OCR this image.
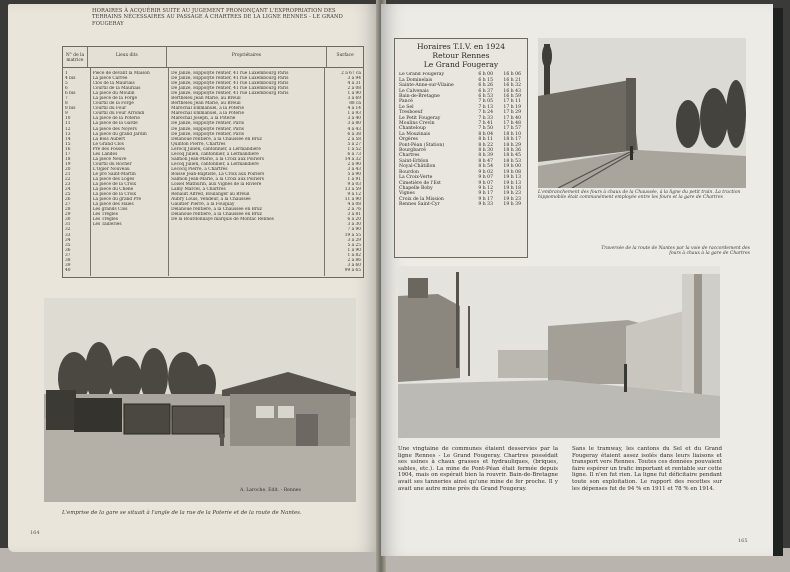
HORAIRES À ACQUÉRIR SUITE AU JUGEMENT PRONONÇANT L'EXPROPRIATION DES TERRAINS NÉCESSAIRES AU PASSAGE À CHARTRES DE LA LIGNE RENNES - LE GRAND FOUGERAY
N° de la matrice
Lieux dits	Propriétaires	Surface
1
4 bis
5
6
6 bis
7
8
8 bis
9
10
11
12
13
14
15
16
17
18
19
20
21
22
23
24
25
26
27
28
29
30
31
32
33
34
35
36
37
38
39
40
Pièce de devant la Maison
La pièce Carrée
Clos de la Mauriais
Courtil de la Mauriais
La pièce du Moulin
La pièce de la Forge
Courtil de la Forge
Courtil du Four
Courtil du Four Arrondi
La pièce de la Poterie
La pièce de la Garde
La pièce des Noyers
La pièce du grand Jardin
La Bois Aubert
Le Grand Clos
Pré des Fosses
Les Landes
La pièce Neuve
Courtil du Rocher
L'Ogier Nouveau
Le pré Saint-Martin
La pièce des Loges
La pièce de la Croix
La pièce du Chêne
La pièce de la Croix
La pièce du grand Pré
La pièce des Haies
Les grands Clos
Les Tréglés
Les Tréglés
Les Tailleries
De Janzé, Hippolyte rentier, 41 rue Luxembourg Paris
De Janzé, Hippolyte rentier, 41 rue Luxembourg Paris
De Janzé, Hippolyte rentier, 41 rue Luxembourg Paris
De Janzé, Hippolyte rentier, 41 rue Luxembourg Paris
De Janzé, Hippolyte rentier, 41 rue Luxembourg Paris
Bertheleu Jean Marie, au Breuil
Bertheleu Jean Marie, au Breuil
Maréchal Emmanuel, à la Poterie
Maréchal Emmanuel, à la Poterie
Maréchal Joseph, à la Poterie
De Janzé, Hippolyte rentier, Paris
De Janzé, Hippolyte rentier, Paris
De Janzé, Hippolyte rentier, Paris
Delanoue rentière, à la Chaussée en Bruz
Quinton Pierre, Chartres
Lerocq Julien, cantonnier, à Lermandière
Lecoq Julien, cantonnier, à Lermandière
Salmon Jean-Marie, à la Croix aux Poiriers
Lecoq Julien, cantonnier, à Lermandière
Lecocq Pierre, à Chartres
Boisse Jean-Baptiste, La Croix aux Poiriers
Salmon Jean-Marie, à la Croix aux Poiriers
Loisel Mathurin, aux Vignes de la Rivière
Lamy Marcel, à Chartres
Renault Alfred, Boulanger au Breuil
Aubry Louis, Vendeur, à la Chaussée
Gaultier Pierre, à la Fouquay
Delanoue rentière, à la Chaussée en Bruz
Delanoue rentière, à la Chaussée en Bruz
De la Bourdonnaye marquis de Montac Rennes
2 a 67 ca
3 a 94
4 a 31
2 a 08
1 a 90
3 a 69
88 ca
4 a 14
1 a 93
3 a 40
3 a 80
4 a 43
6 a 38
2 a 58
5 a 27
1 a 52
6 a 73
14 a 32
2 a 90
3 a 43
5 a 90
1 a 91
9 a 03
13 a 59
9 a 12
11 a 90
4 a 08
2 a 76
3 a 81
6 a 20
3 a 30
7 a 90
19 a 55
3 a 29
5 a 25
1 a 90
1 a 82
2 a 86
3 a 60
99 a 65
L'emprise de la gare se situait à l'angle de la rue de la Poterie et de la route de Nantes.
A. Laroche, Edit. - Rennes
164
Horaires T.I.V. en 1924
Retour Rennes
Le Grand Fougeray
Le Grand Fougeray
La Dominelais
Sainte-Anne-sur-Vilaine
Le Calvenais
Bain-de-Bretagne
Pancé
Le Sel
Tresboeuf
Le Petit Fougeray
Moulins Crevin
Chanteloup
La Mouzinais
Orgères
Pont-Péan (Station)
Bourgbarré
Chartres
Saint-Erblon
Noyal-Châtillon
Bourdon
La Croix-Verte
Cimetière de l'Est
Chapelle Boby
Vignes
Croix de la Mission
Rennes Saint-Cyr
6 h 00
6 h 15
6 h 26
6 h 37
6 h 53
7 h 05
7 h 13
7 h 24
7 h 33
7 h 41
7 h 50
8 h 04
8 h 11
8 h 22
8 h 30
8 h 39
8 h 47
8 h 54
9 h 02
9 h 07
9 h 07
9 h 12
9 h 17
9 h 17
9 h 33
16 h 06
16 h 21
16 h 32
16 h 43
16 h 59
17 h 11
17 h 19
17 h 29
17 h 40
17 h 48
17 h 57
18 h 10
18 h 17
18 h 29
18 h 36
18 h 45
18 h 53
19 h 00
19 h 08
19 h 13
19 h 13
19 h 18
19 h 23
19 h 23
19 h 39
L'embranchement des fours à chaux de la Chaussée, à la ligne du petit train. La traction hippomobile était communément employée entre les fours et la gare de Chartres
Traversée de la route de Nantes par la voie de raccordement des fours à chaux à la gare de Chartres
Une vingtaine de communes étaient desservies par la ligne Rennes - Le Grand Fougeray. Chartres possédait ses usines à chaux grasses et hydrauliques, (briques, sables, etc.). La mine de Pont-Péan était fermée depuis 1904, mais on espérait bien la rouvrir. Bain-de-Bretagne avait ses tanneries ainsi qu'une mine de fer proche. Il y avait une autre mine près du Grand Fougeray.
Sans le tramway, les cantons du Sel et du Grand Fougeray étaient assez isolés dans leurs liaisons et transport vers Rennes. Toutes ces données pouvaient faire espérer un trafic important et rentable sur cette ligne. Il n'en fut rien. La ligne fut déficitaire pendant toute son exploitation. Le rapport des recettes sur les dépenses fut de 94 % en 1911 et 78 % en 1914.
165
